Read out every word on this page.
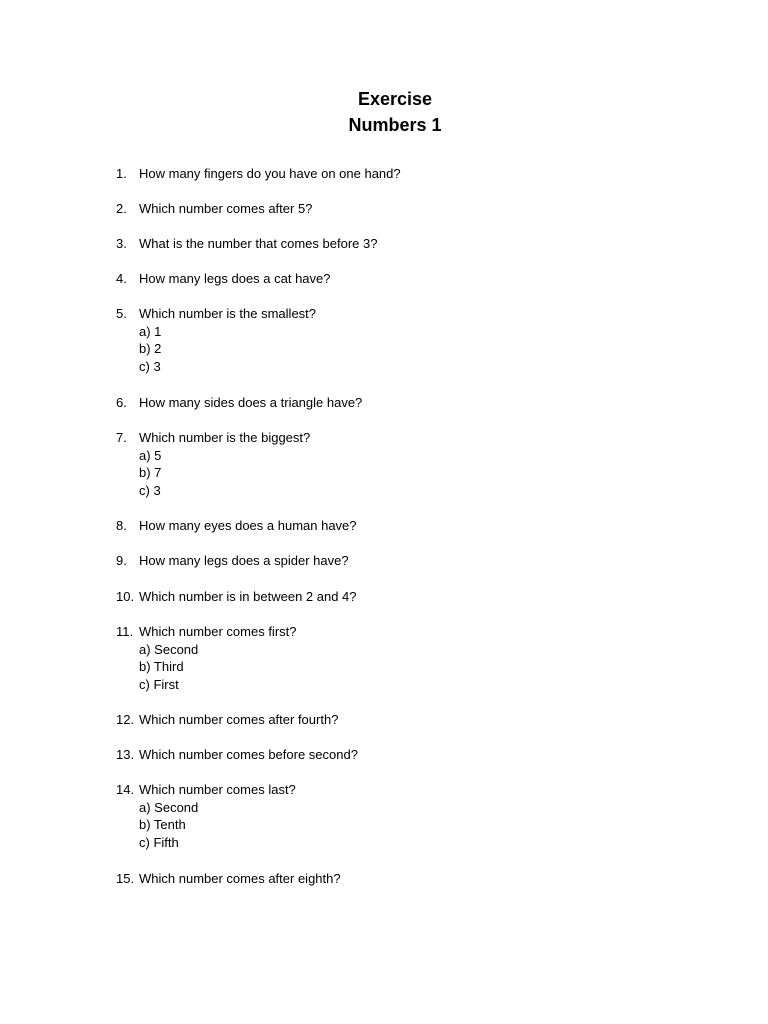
Exercise
Numbers 1
1. How many fingers do you have on one hand?
2. Which number comes after 5?
3. What is the number that comes before 3?
4. How many legs does a cat have?
5. Which number is the smallest?
a) 1
b) 2
c) 3
6. How many sides does a triangle have?
7. Which number is the biggest?
a) 5
b) 7
c) 3
8. How many eyes does a human have?
9. How many legs does a spider have?
10. Which number is in between 2 and 4?
11. Which number comes first?
a) Second
b) Third
c) First
12. Which number comes after fourth?
13. Which number comes before second?
14. Which number comes last?
a) Second
b) Tenth
c) Fifth
15. Which number comes after eighth?
